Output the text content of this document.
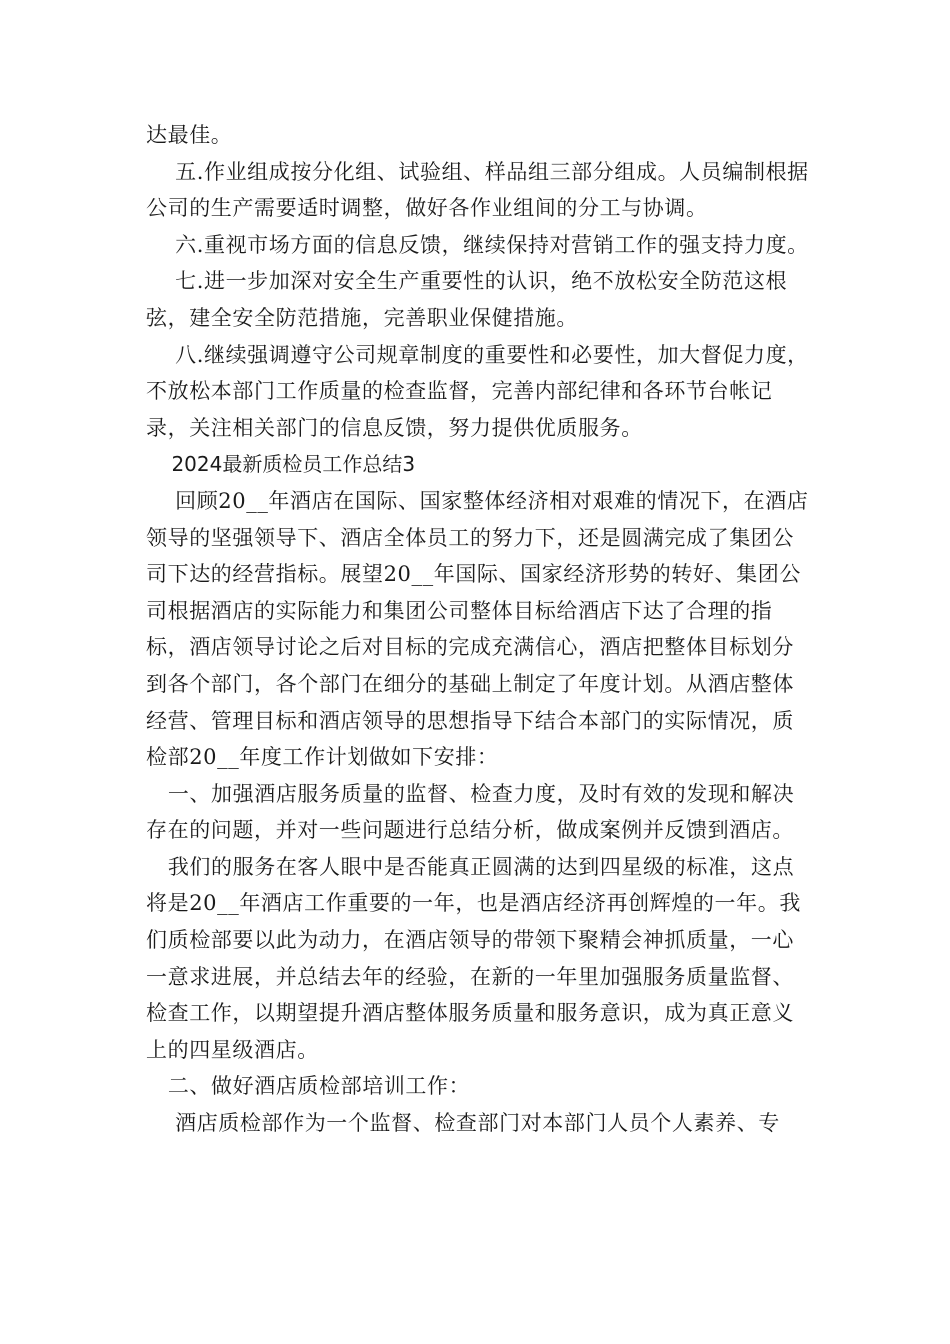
达最佳。

五.作业组成按分化组、试验组、样品组三部分组成。人员编制根据公司的生产需要适时调整，做好各作业组间的分工与协调。

六.重视市场方面的信息反馈，继续保持对营销工作的强支持力度。

七.进一步加深对安全生产重要性的认识，绝不放松安全防范这根弦，建全安全防范措施，完善职业保健措施。

八.继续强调遵守公司规章制度的重要性和必要性，加大督促力度，不放松本部门工作质量的检查监督，完善内部纪律和各环节台帐记录，关注相关部门的信息反馈，努力提供优质服务。

2024最新质检员工作总结3

回顾20__年酒店在国际、国家整体经济相对艰难的情况下，在酒店领导的坚强领导下、酒店全体员工的努力下，还是圆满完成了集团公司下达的经营指标。展望20__年国际、国家经济形势的转好、集团公司根据酒店的实际能力和集团公司整体目标给酒店下达了合理的指标，酒店领导讨论之后对目标的完成充满信心，酒店把整体目标划分到各个部门，各个部门在细分的基础上制定了年度计划。从酒店整体经营、管理目标和酒店领导的思想指导下结合本部门的实际情况，质检部20__年度工作计划做如下安排：

一、加强酒店服务质量的监督、检查力度，及时有效的发现和解决存在的问题，并对一些问题进行总结分析，做成案例并反馈到酒店。

我们的服务在客人眼中是否能真正圆满的达到四星级的标准，这点将是20__年酒店工作重要的一年，也是酒店经济再创辉煌的一年。我们质检部要以此为动力，在酒店领导的带领下聚精会神抓质量，一心一意求进展，并总结去年的经验，在新的一年里加强服务质量监督、检查工作，以期望提升酒店整体服务质量和服务意识，成为真正意义上的四星级酒店。

二、做好酒店质检部培训工作：

酒店质检部作为一个监督、检查部门对本部门人员个人素养、专
